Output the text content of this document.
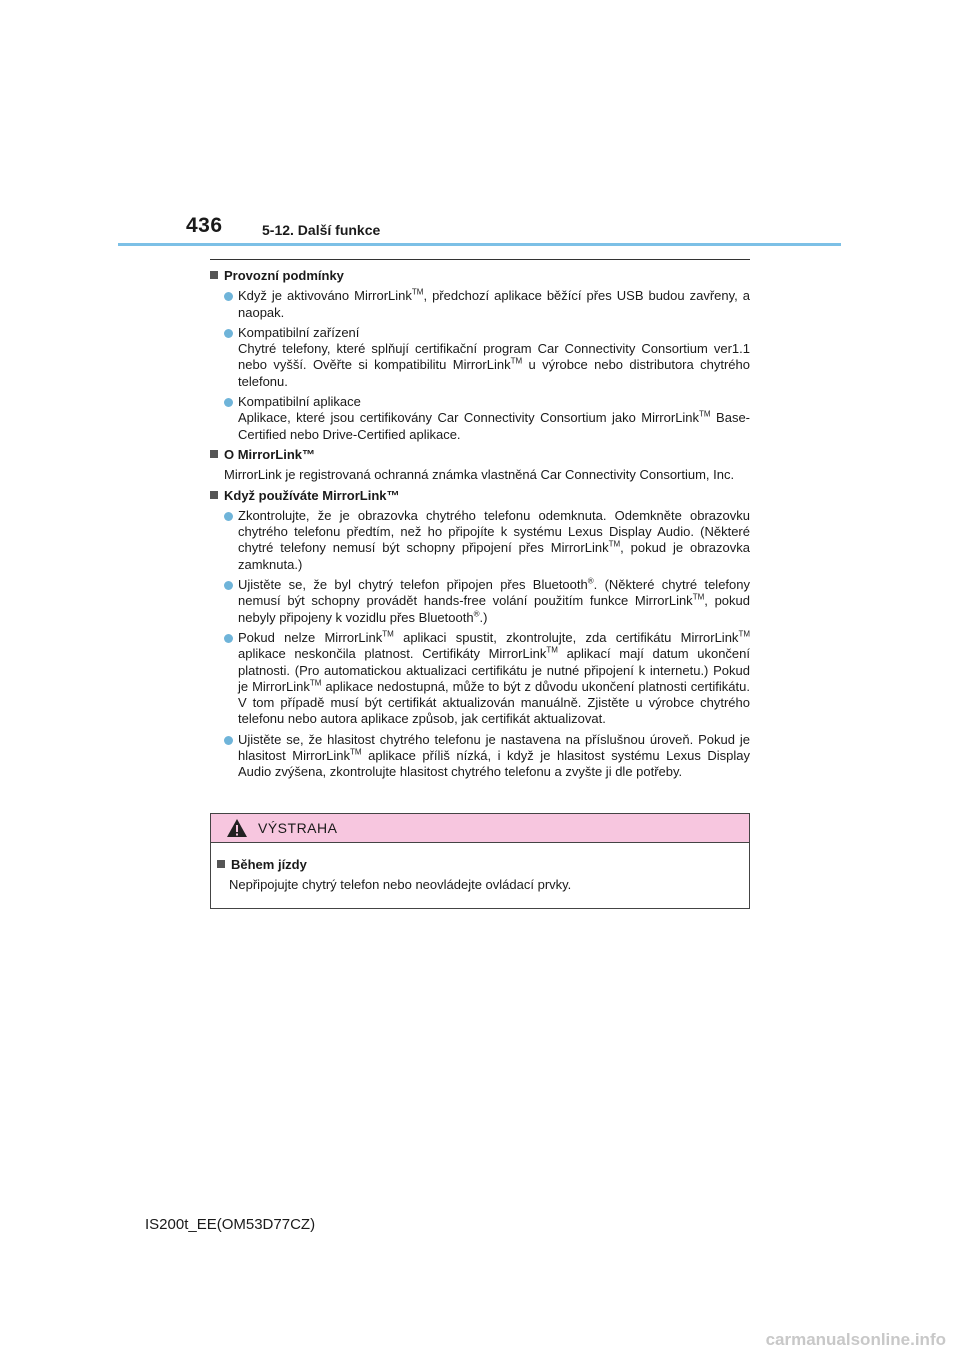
436	5-12. Další funkce
Provozní podmínky

Když je aktivováno MirrorLink™, předchozí aplikace běžící přes USB budou zavřeny, a naopak.

Kompatibilní zařízení
Chytré telefony, které splňují certifikační program Car Connectivity Consortium ver1.1 nebo vyšší. Ověřte si kompatibilitu MirrorLink™ u výrobce nebo distributora chytrého telefonu.

Kompatibilní aplikace
Aplikace, které jsou certifikovány Car Connectivity Consortium jako MirrorLink™ Base-Certified nebo Drive-Certified aplikace.

O MirrorLink™
MirrorLink je registrovaná ochranná známka vlastněná Car Connectivity Consortium, Inc.
Když používáte MirrorLink™

Zkontrolujte, že je obrazovka chytrého telefonu odemknuta. Odemkněte obrazovku chytrého telefonu předtím, než ho připojíte k systému Lexus Display Audio. (Některé chytré telefony nemusí být schopny připojení přes MirrorLink™, pokud je obrazovka zamknuta.)

Ujistěte se, že byl chytrý telefon připojen přes Bluetooth®. (Některé chytré telefony nemusí být schopny provádět hands-free volání použitím funkce MirrorLink™, pokud nebyly připojeny k vozidlu přes Bluetooth®.)

Pokud nelze MirrorLink™ aplikaci spustit, zkontrolujte, zda certifikátu MirrorLink™ aplikace neskončila platnost. Certifikáty MirrorLink™ aplikací mají datum ukončení platnosti. (Pro automatickou aktualizaci certifikátu je nutné připojení k internetu.) Pokud je MirrorLink™ aplikace nedostupná, může to být z důvodu ukončení platnosti certifikátu. V tom případě musí být certifikát aktualizován manuálně. Zjistěte u výrobce chytrého telefonu nebo autora aplikace způsob, jak certifikát aktualizovat.

Ujistěte se, že hlasitost chytrého telefonu je nastavena na příslušnou úroveň. Pokud je hlasitost MirrorLink™ aplikace příliš nízká, i když je hlasitost systému Lexus Display Audio zvýšena, zkontrolujte hlasitost chytrého telefonu a zvyšte ji dle potřeby.

VÝSTRAHA
Během jízdy
Nepřipojujte chytrý telefon nebo neovládejte ovládací prvky.
IS200t_EE(OM53D77CZ)
carmanualsonline.info
